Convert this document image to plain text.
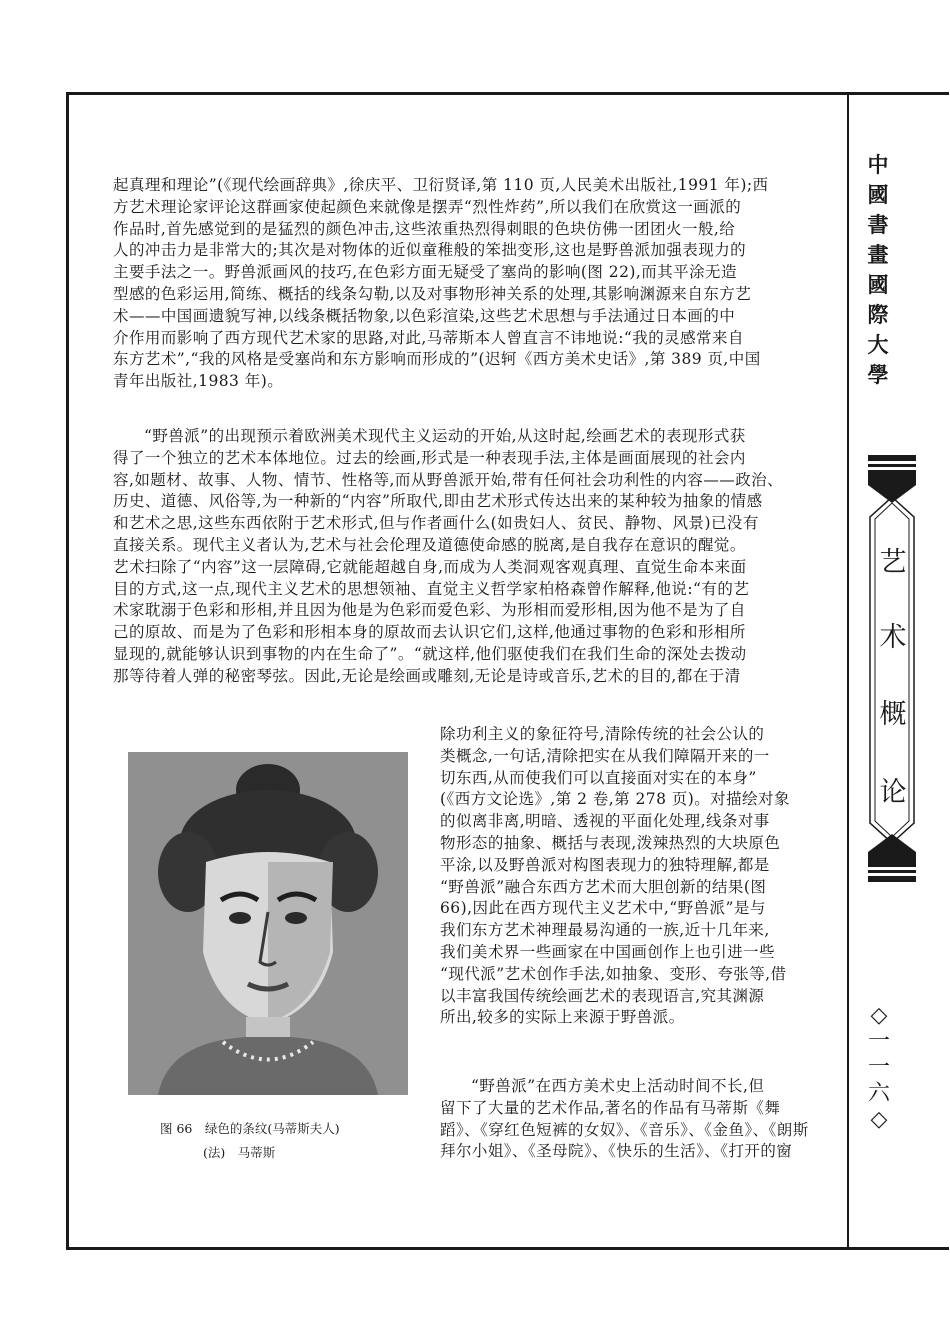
中
國
書
畫
國
際
大
學
艺
术
概
论
◇
一
一
六
◇
起真理和理论”(《现代绘画辞典》,徐庆平、卫衍贤译,第 110 页,人民美术出版社,1991 年);西
方艺术理论家评论这群画家使起颜色来就像是摆弄“烈性炸药”,所以我们在欣赏这一画派的
作品时,首先感觉到的是猛烈的颜色冲击,这些浓重热烈得刺眼的色块仿佛一团团火一般,给
人的冲击力是非常大的;其次是对物体的近似童稚般的笨拙变形,这也是野兽派加强表现力的
主要手法之一。野兽派画风的技巧,在色彩方面无疑受了塞尚的影响(图 22),而其平涂无造
型感的色彩运用,简练、概括的线条勾勒,以及对事物形神关系的处理,其影响渊源来自东方艺
术——中国画遗貌写神,以线条概括物象,以色彩渲染,这些艺术思想与手法通过日本画的中
介作用而影响了西方现代艺术家的思路,对此,马蒂斯本人曾直言不讳地说:“我的灵感常来自
东方艺术”,“我的风格是受塞尚和东方影响而形成的”(迟轲《西方美术史话》,第 389 页,中国
青年出版社,1983 年)。
“野兽派”的出现预示着欧洲美术现代主义运动的开始,从这时起,绘画艺术的表现形式获
得了一个独立的艺术本体地位。过去的绘画,形式是一种表现手法,主体是画面展现的社会内
容,如题材、故事、人物、情节、性格等,而从野兽派开始,带有任何社会功利性的内容——政治、
历史、道德、风俗等,为一种新的“内容”所取代,即由艺术形式传达出来的某种较为抽象的情感
和艺术之思,这些东西依附于艺术形式,但与作者画什么(如贵妇人、贫民、静物、风景)已没有
直接关系。现代主义者认为,艺术与社会伦理及道德使命感的脱离,是自我存在意识的醒觉。
艺术扫除了“内容”这一层障碍,它就能超越自身,而成为人类洞观客观真理、直觉生命本来面
目的方式,这一点,现代主义艺术的思想领袖、直觉主义哲学家柏格森曾作解释,他说:“有的艺
术家耽溺于色彩和形相,并且因为他是为色彩而爱色彩、为形相而爱形相,因为他不是为了自
己的原故、而是为了色彩和形相本身的原故而去认识它们,这样,他通过事物的色彩和形相所
显现的,就能够认识到事物的内在生命了”。“就这样,他们驱使我们在我们生命的深处去拨动
那等待着人弹的秘密琴弦。因此,无论是绘画或雕刻,无论是诗或音乐,艺术的目的,都在于清
除功利主义的象征符号,清除传统的社会公认的
类概念,一句话,清除把实在从我们障隔开来的一
切东西,从而使我们可以直接面对实在的本身”
(《西方文论选》,第 2 卷,第 278 页)。对描绘对象
的似离非离,明暗、透视的平面化处理,线条对事
物形态的抽象、概括与表现,泼辣热烈的大块原色
平涂,以及野兽派对构图表现力的独特理解,都是
“野兽派”融合东西方艺术而大胆创新的结果(图
66),因此在西方现代主义艺术中,“野兽派”是与
我们东方艺术神理最易沟通的一族,近十几年来,
我们美术界一些画家在中国画创作上也引进一些
“现代派”艺术创作手法,如抽象、变形、夸张等,借
以丰富我国传统绘画艺术的表现语言,究其渊源
所出,较多的实际上来源于野兽派。
“野兽派”在西方美术史上活动时间不长,但
留下了大量的艺术作品,著名的作品有马蒂斯《舞
蹈》、《穿红色短裤的女奴》、《音乐》、《金鱼》、《朗斯
拜尔小姐》、《圣母院》、《快乐的生活》、《打开的窗
图 66　绿色的条纹(马蒂斯夫人)
(法)　马蒂斯
